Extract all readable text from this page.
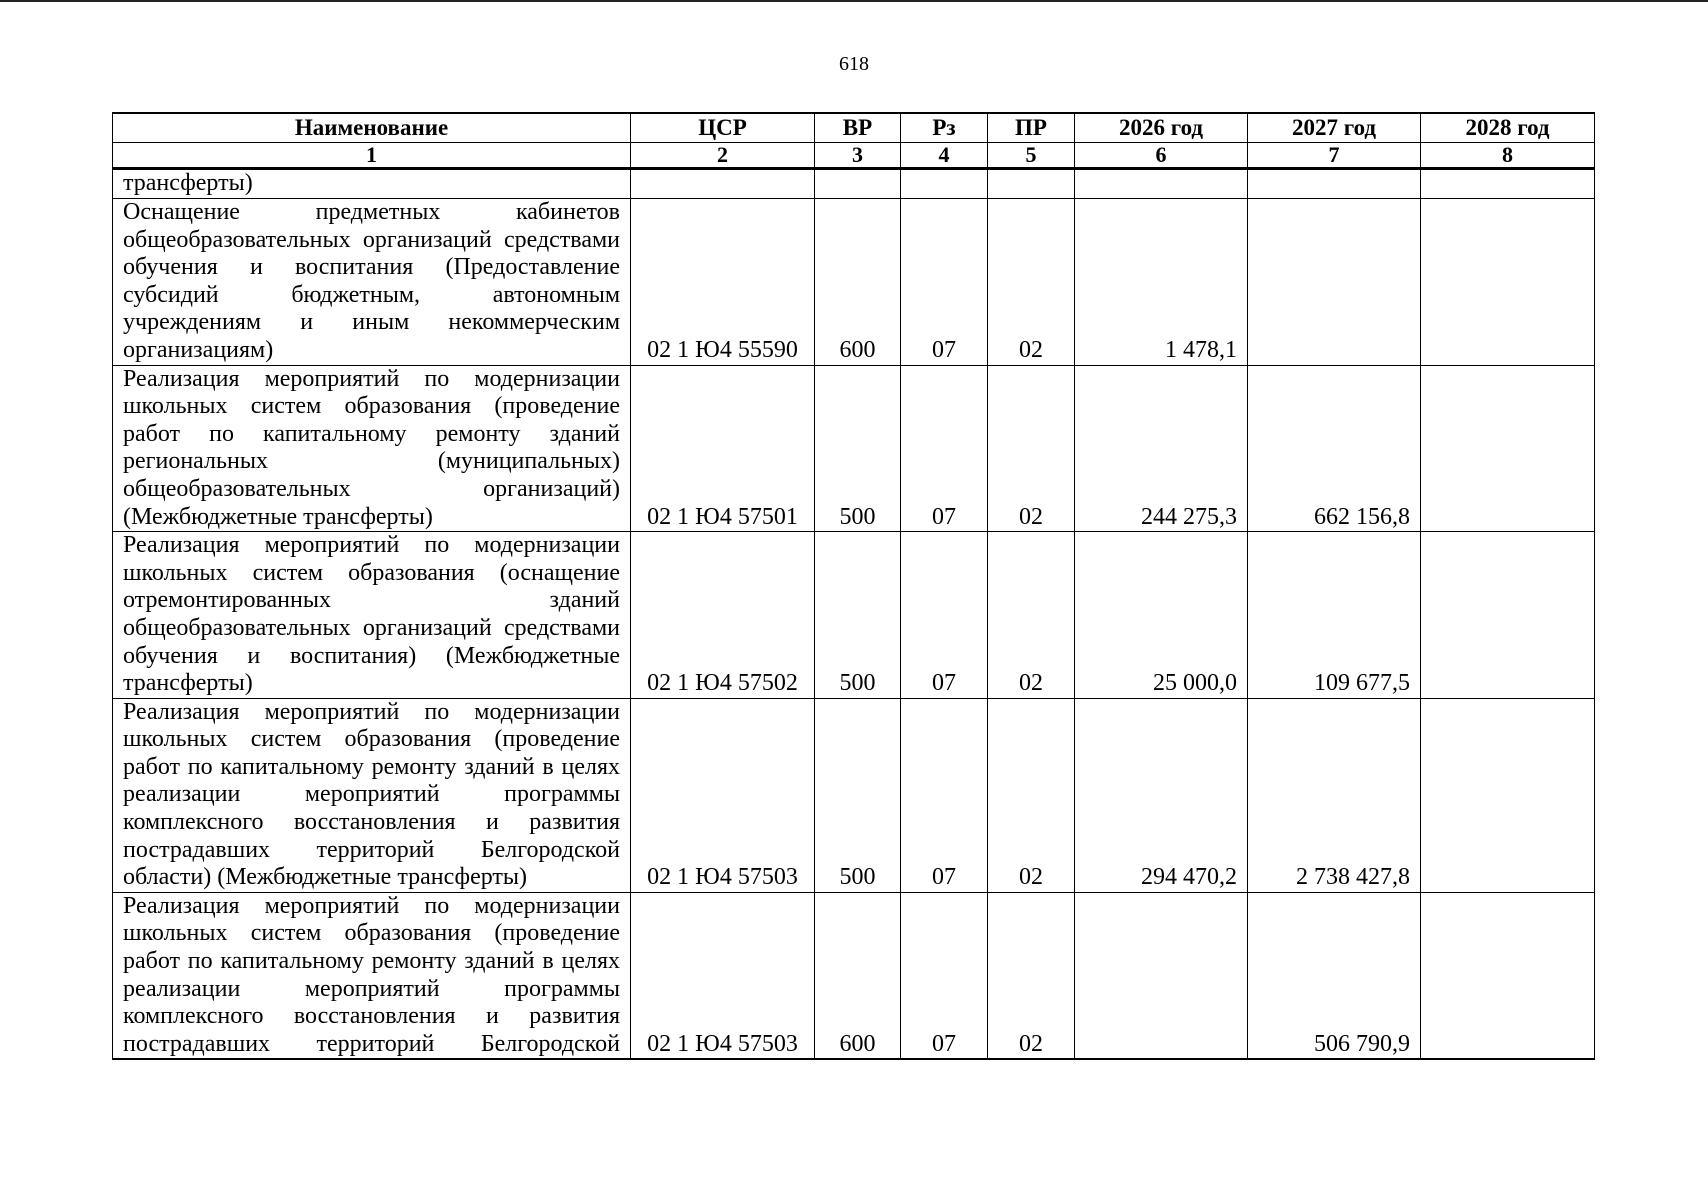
618
Наименование	ЦСР	ВР	Рз	ПР	2026 год	2027 год	2028 год
1	2	3	4	5	6	7	8
трансферты)							
Оснащение предметных кабинетов общеобразовательных организаций средствами обучения и воспитания (Предоставление субсидий бюджетным, автономным учреждениям и иным некоммерческим организациям)	02 1 Ю4 55590	600	07	02	1 478,1		
Реализация мероприятий по модернизации школьных систем образования (проведение работ по капитальному ремонту зданий региональных (муниципальных) общеобразовательных организаций) (Межбюджетные трансферты)	02 1 Ю4 57501	500	07	02	244 275,3	662 156,8	
Реализация мероприятий по модернизации школьных систем образования (оснащение отремонтированных зданий общеобразовательных организаций средствами обучения и воспитания) (Межбюджетные трансферты)	02 1 Ю4 57502	500	07	02	25 000,0	109 677,5	
Реализация мероприятий по модернизации школьных систем образования (проведение работ по капитальному ремонту зданий в целях реализации мероприятий программы комплексного восстановления и развития пострадавших территорий Белгородской области) (Межбюджетные трансферты)	02 1 Ю4 57503	500	07	02	294 470,2	2 738 427,8	
Реализация мероприятий по модернизации школьных систем образования (проведение работ по капитальному ремонту зданий в целях реализации мероприятий программы комплексного восстановления и развития пострадавших территорий Белгородской	02 1 Ю4 57503	600	07	02		506 790,9	
